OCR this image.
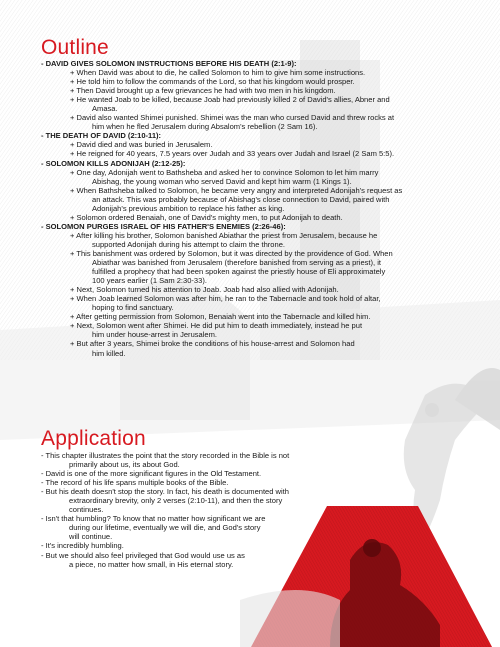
Outline
- DAVID GIVES SOLOMON INSTRUCTIONS BEFORE HIS DEATH (2:1-9):
+ When David was about to die, he called Solomon to him to give him some instructions.
+ He told him to follow the commands of the Lord, so that his kingdom would prosper.
+ Then David brought up a few grievances he had with two men in his kingdom.
+ He wanted Joab to be killed, because Joab had previously killed 2 of David's allies, Abner and
Amasa.
+ David also wanted Shimei punished. Shimei was the man who cursed David and threw rocks at
him when he fled Jerusalem during Absalom's rebellion (2 Sam 16).
- THE DEATH OF DAVID (2:10-11):
+ David died and was buried in Jerusalem.
+ He reigned for 40 years, 7.5 years over Judah and 33 years over Judah and Israel (2 Sam 5:5).
- SOLOMON KILLS ADONIJAH (2:12-25):
+ One day, Adonijah went to Bathsheba and asked her to convince Solomon to let him marry
Abishag, the young woman who served David and kept him warm (1 Kings 1).
+ When Bathsheba talked to Solomon, he became very angry and interpreted Adonijah's request as
an attack. This was probably because of Abishag's close connection to David, paired with
Adonijah's previous ambition to replace his father as king.
+ Solomon ordered Benaiah, one of David's mighty men, to put Adonijah to death.
- SOLOMON PURGES ISRAEL OF HIS FATHER'S ENEMIES (2:26-46):
+ After killing his brother, Solomon banished Abiathar the priest from Jerusalem, because he
supported Adonijah during his attempt to claim the throne.
+ This banishment was ordered by Solomon, but it was directed by the providence of God. When
Abiathar was banished from Jerusalem (therefore banished from serving as a priest), it
fulfilled a prophecy that had been spoken against the priestly house of Eli approximately
100 years earlier (1 Sam 2:30-33).
+ Next, Solomon turned his attention to Joab. Joab had also allied with Adonijah.
+ When Joab learned Solomon was after him, he ran to the Tabernacle and took hold of altar,
hoping to find sanctuary.
+ After getting permission from Solomon, Benaiah went into the Tabernacle and killed him.
+ Next, Solomon went after Shimei. He did put him to death immediately, instead he put
him under house-arrest in Jerusalem.
+ But after 3 years, Shimei broke the conditions of his house-arrest and Solomon had
him killed.
Application
- This chapter illustrates the point that the story recorded in the Bible is not
primarily about us, its about God.
- David is one of the more significant figures in the Old Testament.
- The record of his life spans multiple books of the Bible.
- But his death doesn't stop the story. In fact, his death is documented with
extraordinary brevity, only 2 verses (2:10-11), and then the story
continues.
- Isn't that humbling? To know that no matter how significant we are
during our lifetime, eventually we will die, and God's story
will continue.
- It's incredibly humbling.
- But we should also feel privileged that God would use us as
a piece, no matter how small, in His eternal story.
